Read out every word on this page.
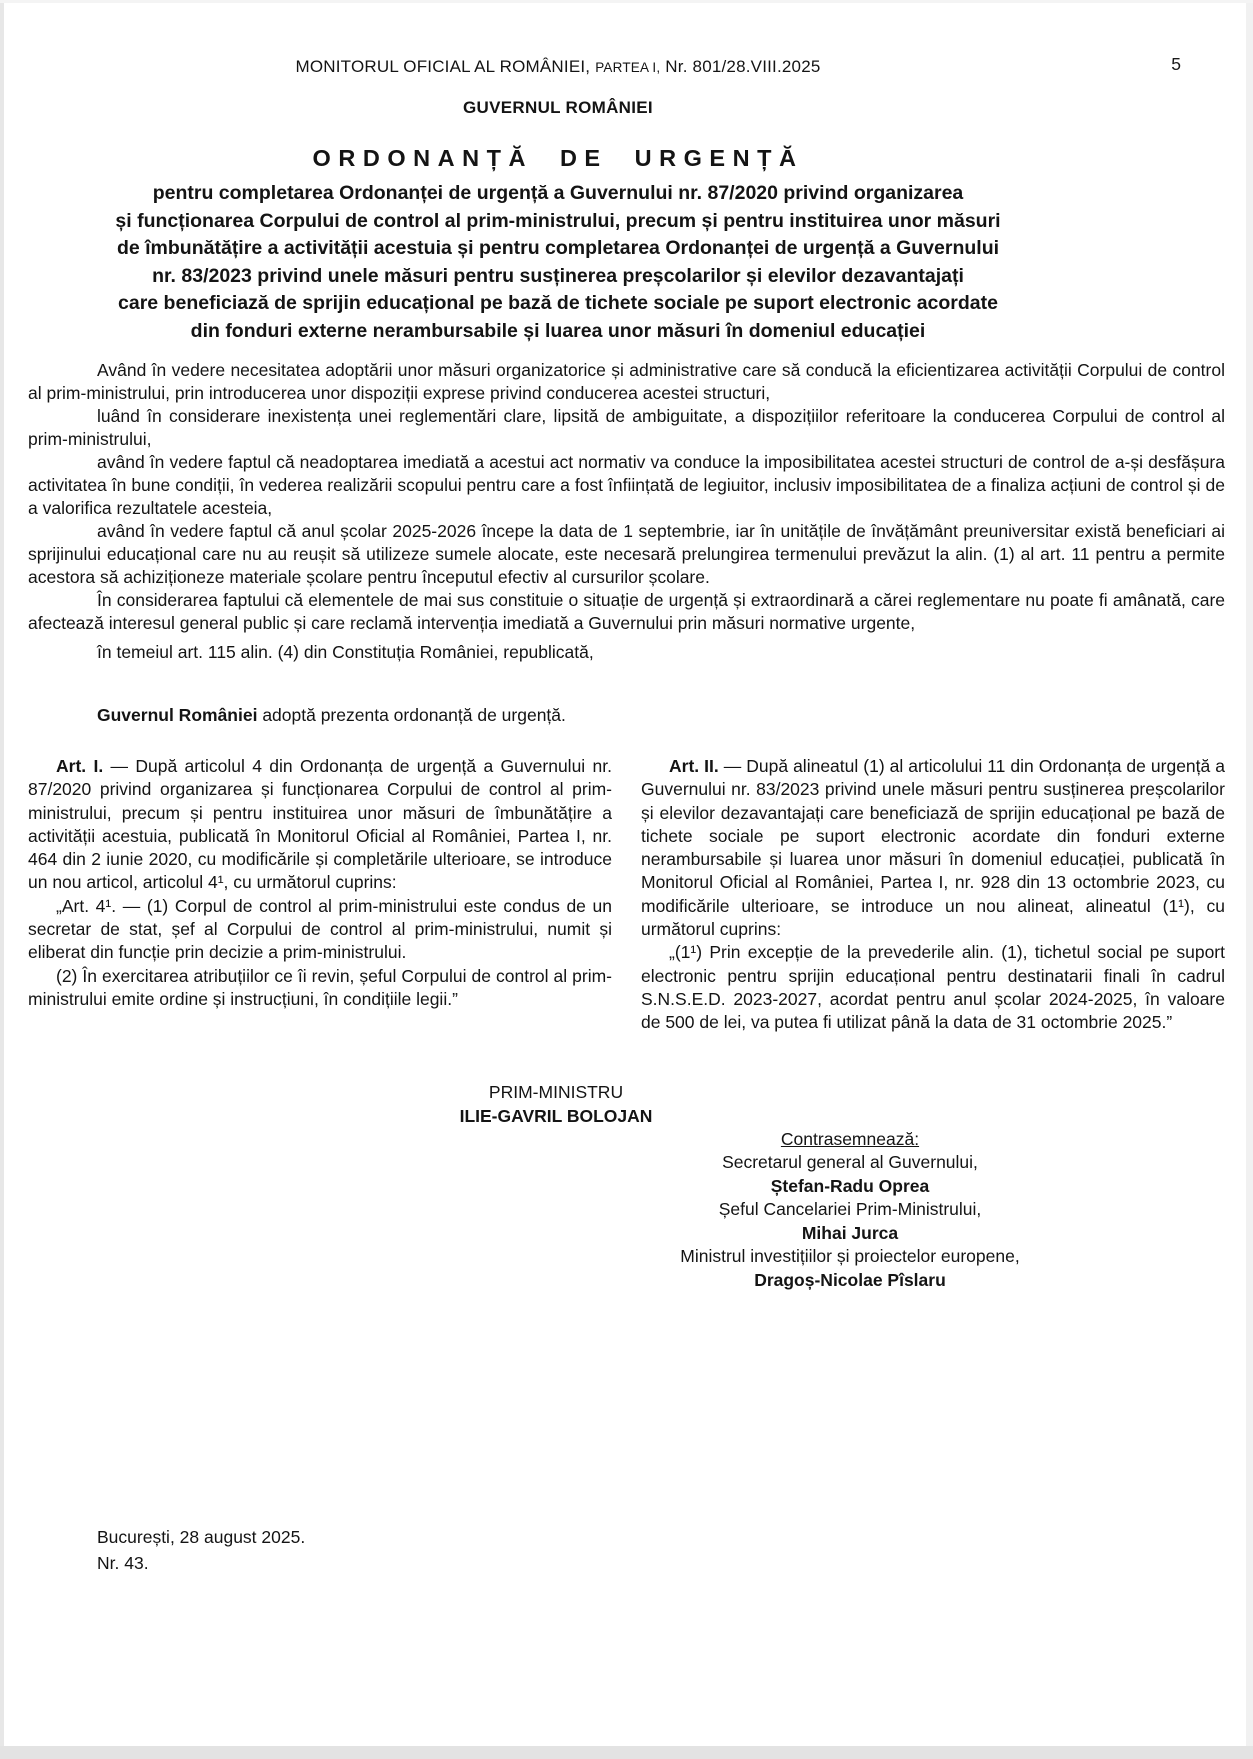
5
MONITORUL OFICIAL AL ROMÂNIEI, PARTEA I, Nr. 801/28.VIII.2025
GUVERNUL ROMÂNIEI
ORDONANȚĂ DE URGENȚĂ
pentru completarea Ordonanței de urgență a Guvernului nr. 87/2020 privind organizarea
și funcționarea Corpului de control al prim-ministrului, precum și pentru instituirea unor măsuri
de îmbunătățire a activității acestuia și pentru completarea Ordonanței de urgență a Guvernului
nr. 83/2023 privind unele măsuri pentru susținerea preșcolarilor și elevilor dezavantajați
care beneficiază de sprijin educațional pe bază de tichete sociale pe suport electronic acordate
din fonduri externe nerambursabile și luarea unor măsuri în domeniul educației

Având în vedere necesitatea adoptării unor măsuri organizatorice și administrative care să conducă la eficientizarea activității Corpului de control al prim-ministrului, prin introducerea unor dispoziții exprese privind conducerea acestei structuri,

luând în considerare inexistența unei reglementări clare, lipsită de ambiguitate, a dispozițiilor referitoare la conducerea Corpului de control al prim-ministrului,

având în vedere faptul că neadoptarea imediată a acestui act normativ va conduce la imposibilitatea acestei structuri de control de a-și desfășura activitatea în bune condiții, în vederea realizării scopului pentru care a fost înființată de legiuitor, inclusiv imposibilitatea de a finaliza acțiuni de control și de a valorifica rezultatele acesteia,

având în vedere faptul că anul școlar 2025-2026 începe la data de 1 septembrie, iar în unitățile de învățământ preuniversitar există beneficiari ai sprijinului educațional care nu au reușit să utilizeze sumele alocate, este necesară prelungirea termenului prevăzut la alin. (1) al art. 11 pentru a permite acestora să achiziționeze materiale școlare pentru începutul efectiv al cursurilor școlare.

În considerarea faptului că elementele de mai sus constituie o situație de urgență și extraordinară a cărei reglementare nu poate fi amânată, care afectează interesul general public și care reclamă intervenția imediată a Guvernului prin măsuri normative urgente,

în temeiul art. 115 alin. (4) din Constituția României, republicată,

Guvernul României adoptă prezenta ordonanță de urgență.

Art. I. — După articolul 4 din Ordonanța de urgență a Guvernului nr. 87/2020 privind organizarea și funcționarea Corpului de control al prim-ministrului, precum și pentru instituirea unor măsuri de îmbunătățire a activității acestuia, publicată în Monitorul Oficial al României, Partea I, nr. 464 din 2 iunie 2020, cu modificările și completările ulterioare, se introduce un nou articol, articolul 4¹, cu următorul cuprins:

„Art. 4¹. — (1) Corpul de control al prim-ministrului este condus de un secretar de stat, șef al Corpului de control al prim-ministrului, numit și eliberat din funcție prin decizie a prim-ministrului.

(2) În exercitarea atribuțiilor ce îi revin, șeful Corpului de control al prim-ministrului emite ordine și instrucțiuni, în condițiile legii.”

Art. II. — După alineatul (1) al articolului 11 din Ordonanța de urgență a Guvernului nr. 83/2023 privind unele măsuri pentru susținerea preșcolarilor și elevilor dezavantajați care beneficiază de sprijin educațional pe bază de tichete sociale pe suport electronic acordate din fonduri externe nerambursabile și luarea unor măsuri în domeniul educației, publicată în Monitorul Oficial al României, Partea I, nr. 928 din 13 octombrie 2023, cu modificările ulterioare, se introduce un nou alineat, alineatul (1¹), cu următorul cuprins:

„(1¹) Prin excepție de la prevederile alin. (1), tichetul social pe suport electronic pentru sprijin educațional pentru destinatarii finali în cadrul S.N.S.E.D. 2023-2027, acordat pentru anul școlar 2024-2025, în valoare de 500 de lei, va putea fi utilizat până la data de 31 octombrie 2025.”

PRIM-MINISTRU
ILIE-GAVRIL BOLOJAN
Contrasemnează:
Secretarul general al Guvernului,
Ștefan-Radu Oprea
Șeful Cancelariei Prim-Ministrului,
Mihai Jurca
Ministrul investițiilor și proiectelor europene,
Dragoș-Nicolae Pîslaru
București, 28 august 2025.
Nr. 43.
